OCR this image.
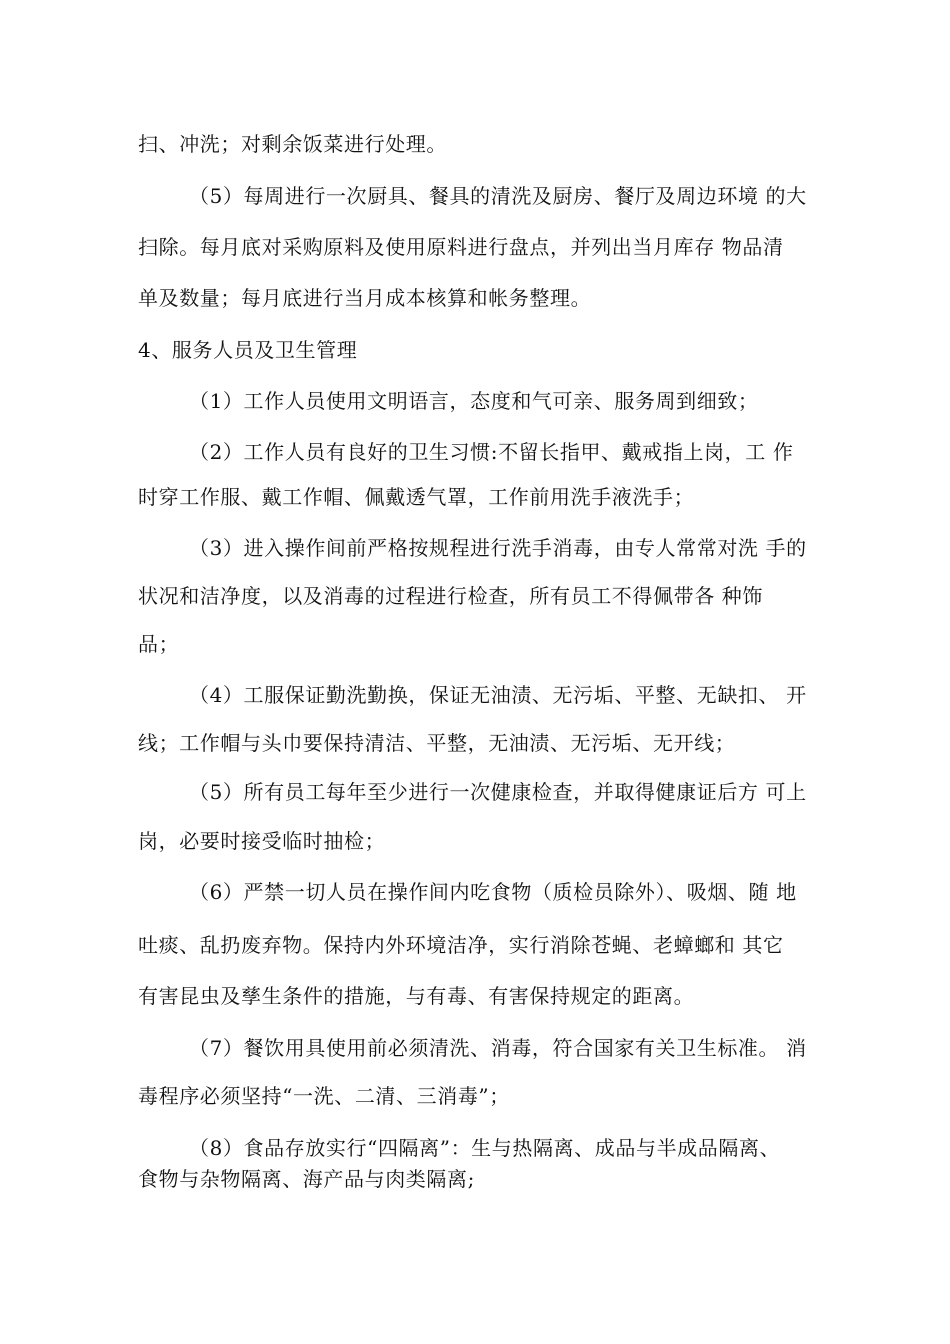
扫、冲洗；对剩余饭菜进行处理。
（5）每周进行一次厨具、餐具的清洗及厨房、餐厅及周边环境 的大
扫除。每月底对采购原料及使用原料进行盘点，并列出当月库存 物品清
单及数量；每月底进行当月成本核算和帐务整理。
4、服务人员及卫生管理
（1）工作人员使用文明语言，态度和气可亲、服务周到细致；
（2）工作人员有良好的卫生习惯:不留长指甲、戴戒指上岗，工 作
时穿工作服、戴工作帽、佩戴透气罩，工作前用洗手液洗手；
（3）进入操作间前严格按规程进行洗手消毒，由专人常常对洗 手的
状况和洁净度，以及消毒的过程进行检查，所有员工不得佩带各 种饰
品；
（4）工服保证勤洗勤换，保证无油渍、无污垢、平整、无缺扣、 开
线；工作帽与头巾要保持清洁、平整，无油渍、无污垢、无开线；
（5）所有员工每年至少进行一次健康检查，并取得健康证后方 可上
岗，必要时接受临时抽检；
（6）严禁一切人员在操作间内吃食物（质检员除外）、吸烟、随 地
吐痰、乱扔废弃物。保持内外环境洁净，实行消除苍蝇、老蟑螂和 其它
有害昆虫及孳生条件的措施，与有毒、有害保持规定的距离。
（7）餐饮用具使用前必须清洗、消毒，符合国家有关卫生标准。 消
毒程序必须坚持“一洗、二清、三消毒”；
（8）食品存放实行“四隔离”：生与热隔离、成品与半成品隔离、
食物与杂物隔离、海产品与肉类隔离;
